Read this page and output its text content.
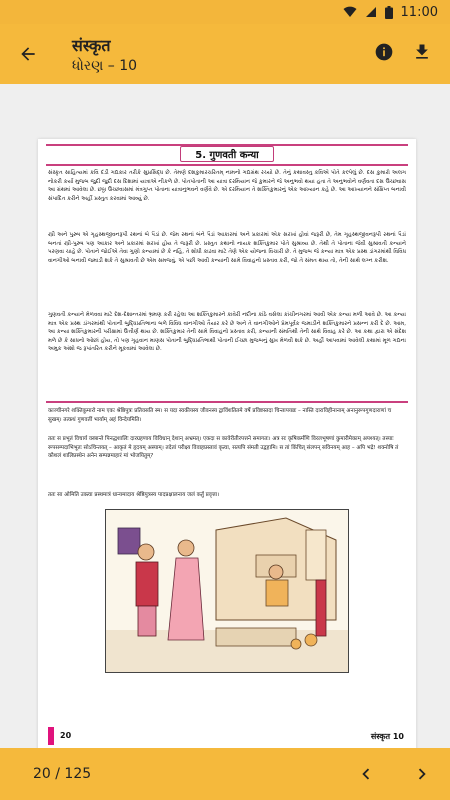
11:00
संस्कृत
ધોરણ – 10
5. गुणवती कन्या

સંસ્કૃત સાહિત્યમાં કવિ દંડી ગદ્યકાર તરીકે સુપ્રસિદ્ધ છે. તેમણે દશકુમારચરિતમ્ નામનો ગદ્યગ્રંથ રચ્યો છે. તેનું કથાવસ્તુ કવિએ પોતે કલ્પેલું છે. દસ કુમારો અલગ નોકરી કર્યા મુજબ જુદી જુદી દસ દિશામાં યાત્રાએ નીકળે છે. પોતપોતાની આ યાત્રા દરમિયાન જે કુમારને જે અનુભવો થયા હતા તે અનુભવોને વર્ણવતા દસ ઉચ્છ્વાસ આ ગ્રંથમાં આવેલા છે. છઠ્ઠા ઉચ્છ્વાસમાં મંત્રગુપ્ત પોતાના યાત્રાનુભવને વર્ણવે છે. એ દરમિયાન તે શક્તિકુમારનું એક આખ્યાન કહે છે. આ આખ્યાનને સંક્ષિપ્ત બનાવી સંપાદિત કરીને અહીં પ્રસ્તુત કરવામાં આવ્યું છે.

સ્ત્રી અને પુરુષ એ ગૃહસ્થજીવનરૂપી રથનાં બે પૈડાં છે. જેમ રથનાં બંને પૈડાં આકારમાં અને પ્રકારમાં એક સરખાં હોવાં જરૂરી છે, તેમ ગૃહસ્થજીવનરૂપી રથનાં પૈડાં બનતાં સ્ત્રી-પુરુષ પણ આકાર અને પ્રકારમાં સરખાં હોય તે જરૂરી છે. પ્રસ્તુત કથાનો નાયક શક્તિકુમાર પોતે સુશ્રાવ્ય છે. તેથી તે પોતાના જેવી સુશ્રાવતી કન્યાને પરણવા ચાહે છે. પોતાને જોઈએ તેવા ગુણો કન્યામાં છે કે નહિ, તે શોધી કાઢવા માટે તેણે એક યોજના વિચારી છે. તે મુજબ જે કન્યા માત્ર એક પ્રસ્થ ડાંગરમાંથી વિવિધ વાનગીઓ બનાવી જમાડી શકે તે સુશ્રાવતી છે એમ સમજવું. એ પછી આવી કન્યાની સામે વિવાહનો પ્રસ્તાવ કરી, જો તે સંમત થાય તો, તેની સાથે લગ્ન કરીશ.

ગુણવતી કન્યાને મેળવવા માટે દેશ-દેશાન્તરમાં ભ્રમણ કરી રહેલા આ શક્તિકુમારને કાવેરી નદીના કાંઠે વસેલા કાંચીનગરમાં આવી એક કન્યા મળી આવે છે. આ કન્યા માત્ર એક પ્રસ્થ ડાંગરમાંથી પોતાની બુદ્ધિપ્રતિભાના બળે વિવિધ વાનગીઓ તૈયાર કરે છે અને તે વાનગીઓને પ્રેમપૂર્વક જમાડીને શક્તિકુમારને પ્રસન્ન કરી દે છે. આમ, આ કન્યા શક્તિકુમારની પરીક્ષામાં ઉત્તીર્ણ થાય છે. શક્તિકુમાર તેની સામે વિવાહનો પ્રસ્તાવ કરી, કન્યાની સંમતિથી તેની સાથે વિવાહ કરે છે. આ કથા દ્વારા એ સંદેશ મળે છે કે સાધનો ઓછાં હોય, તો પણ ગૃહવાન માણસ પોતાની બુદ્ધિપ્રતિભાથી પોતાની ઈચ્છા મુજબનું સુખ મેળવી શકે છે. અહીં આપવામાં આવેલી કથામાં મૂળ ગદ્યના અમુક અંશો જ રૂપાંતરિત કરીને મૂકવામાં આવેલા છે.

काञ्चीनगरे शक्तिकुमारो नाम एकः श्रेष्ठिपुत्रः प्रतिवसति स्म। स यदा स्वकीयस्य जीवनस्य द्वाविंशतितमे वर्षे प्रविष्टस्तदा चिन्तापयन्नः – नास्ति दाराविहीनानाम् अनानुरूपगुणदाराणां च सुखम्। तत्कथं गुणवतीं भार्याम् अहं विन्देयमिति।

ततः स प्रभूतं विचार्य वस्त्रान्ते पिनद्धशालिः दारग्रहणाय विविधान् देशान् अभ्रमत्। एकदा स कावेरीतीरपत्तने समागतः। अत्र सः कृषिकर्मणि विरलभूषणां कुमारीमेकाम् अपश्यत्। तस्याः रूपसम्पदाभिभूतः सोऽचिन्तयत् – आकृतं मे हृदयम् अस्याम्। तदेतां परीक्ष्य विवाहप्रस्तावं कृत्वा, सत्यपि संमती उद्वहामि। स तां किंचित् संलपन् सविनयम् आह – अपि भद्रे! शक्नोषि तं कौशलं शालिप्रस्थेन अनेन सम्पन्नमाहारं मां भोजयितुम्?

ततः सा ओमिति उक्त्वा प्रस्थमात्रं धान्यमादाय श्रेष्ठिपुत्रस्य पादप्रक्षालनाय जलं कर्तुं प्रवृत्ता।

20	संस्कृत 10
20 / 125
